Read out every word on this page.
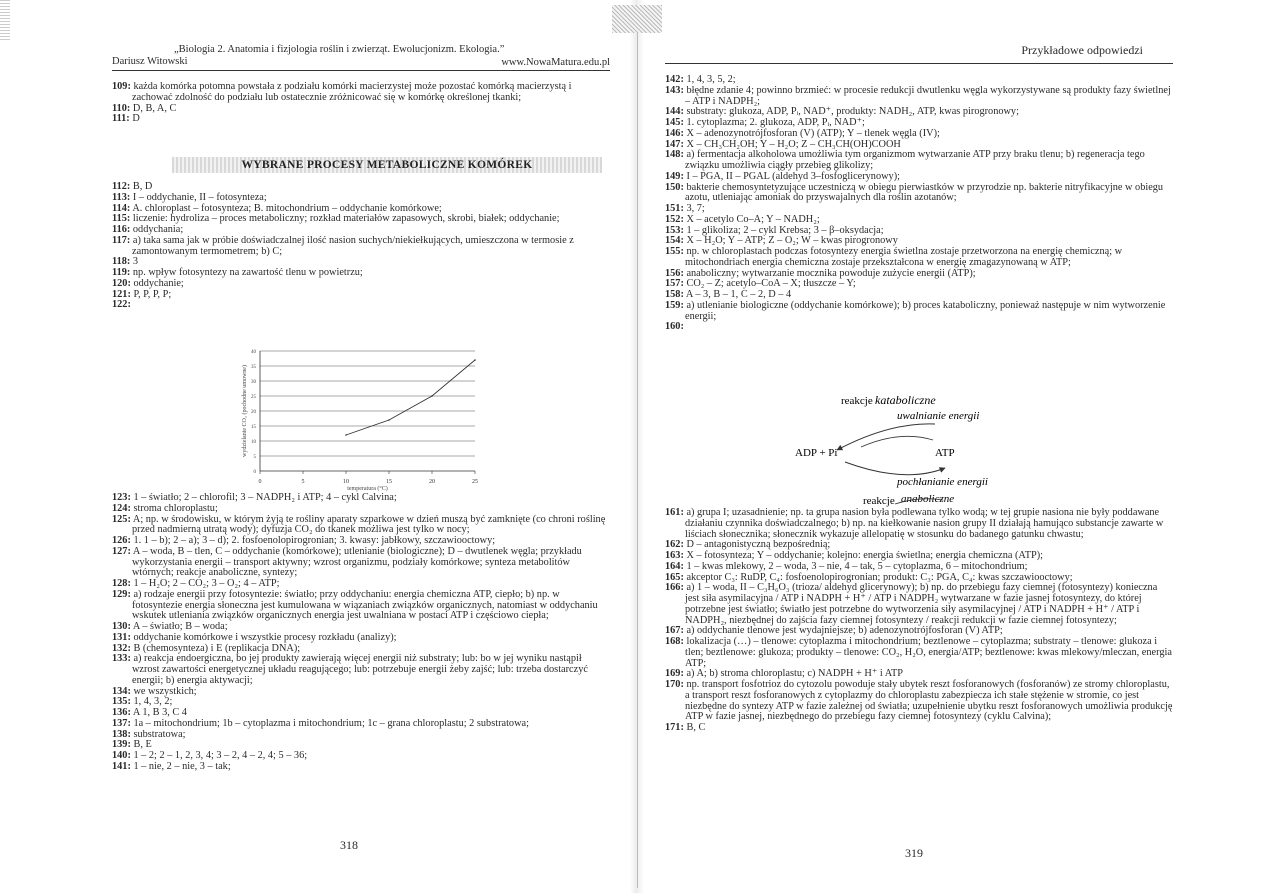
„Biologia 2. Anatomia i fizjologia roślin i zwierząt. Ewolucjonizm. Ekologia.”
Dariusz Witowski	www.NowaMatura.edu.pl

109: każda komórka potomna powstała z podziału komórki macierzystej może pozostać komórką macierzystą i zachować zdolność do podziału lub ostatecznie zróżnicować się w komórkę określonej tkanki;

110: D, B, A, C

111: D

WYBRANE PROCESY METABOLICZNE KOMÓREK

112: B, D

113: I – oddychanie, II – fotosynteza;

114: A. chloroplast – fotosynteza; B. mitochondrium – oddychanie komórkowe;

115: liczenie: hydroliza – proces metaboliczny; rozkład materiałów zapasowych, skrobi, białek; oddychanie;

116: oddychania;

117: a) taka sama jak w próbie doświadczalnej ilość nasion suchych/niekiełkujących, umieszczona w termosie z zamontowanym termometrem; b) C;

118: 3

119: np. wpływ fotosyntezy na zawartość tlenu w powietrzu;

120: oddychanie;

121: P, P, P, P;

122:

0
5
10
15
20
25
30
35
40
0	5	10	15	20	25
wydzielanie CO₂ (pochodne umowne)
temperatura (°C)

123: 1 – światło; 2 – chlorofil; 3 – NADPH₂ i ATP; 4 – cykl Calvina;

124: stroma chloroplastu;

125: A; np. w środowisku, w którym żyją te rośliny aparaty szparkowe w dzień muszą być zamknięte (co chroni roślinę przed nadmierną utratą wody); dyfuzja CO₂ do tkanek możliwa jest tylko w nocy;

126: 1. 1 – b); 2 – a); 3 – d); 2. fosfoenolopirogronian; 3. kwasy: jabłkowy, szczawiooctowy;

127: A – woda, B – tlen, C – oddychanie (komórkowe); utlenianie (biologiczne); D – dwutlenek węgla; przykładu wykorzystania energii – transport aktywny; wzrost organizmu, podziały komórkowe; synteza metabolitów wtórnych; reakcje anaboliczne, syntezy;

128: 1 – H₂O; 2 – CO₂; 3 – O₂; 4 – ATP;

129: a) rodzaje energii przy fotosyntezie: światło; przy oddychaniu: energia chemiczna ATP, ciepło; b) np. w fotosyntezie energia słoneczna jest kumulowana w wiązaniach związków organicznych, natomiast w oddychaniu wskutek utleniania związków organicznych energia jest uwalniana w postaci ATP i częściowo ciepła;

130: A – światło; B – woda;

131: oddychanie komórkowe i wszystkie procesy rozkładu (analizy);

132: B (chemosynteza) i E (replikacja DNA);

133: a) reakcja endoergiczna, bo jej produkty zawierają więcej energii niż substraty; lub: bo w jej wyniku nastąpił wzrost zawartości energetycznej układu reagującego; lub: potrzebuje energii żeby zajść; lub: trzeba dostarczyć energii; b) energia aktywacji;

134: we wszystkich;

135: 1, 4, 3, 2;

136: A 1, B 3, C 4

137: 1a – mitochondrium; 1b – cytoplazma i mitochondrium; 1c – grana chloroplastu; 2 substratowa;

138: substratowa;

139: B, E

140: 1 – 2; 2 – 1, 2, 3, 4; 3 – 2, 4 – 2, 4; 5 – 36;

141: 1 – nie, 2 – nie, 3 – tak;

318
Przykładowe odpowiedzi

142: 1, 4, 3, 5, 2;

143: błędne zdanie 4; powinno brzmieć: w procesie redukcji dwutlenku węgla wykorzystywane są produkty fazy świetlnej – ATP i NADPH₂;

144: substraty: glukoza, ADP, Pᵢ, NAD⁺, produkty: NADH₂, ATP, kwas pirogronowy;

145: 1. cytoplazma; 2. glukoza, ADP, Pᵢ, NAD⁺;

146: X – adenozynotrójfosforan (V) (ATP); Y – tlenek węgla (IV);

147: X – CH₃CH₂OH; Y – H₂O; Z – CH₃CH(OH)COOH

148: a) fermentacja alkoholowa umożliwia tym organizmom wytwarzanie ATP przy braku tlenu; b) regeneracja tego związku umożliwia ciągły przebieg glikolizy;

149: I – PGA, II – PGAL (aldehyd 3–fosfoglicerynowy);

150: bakterie chemosyntetyzujące uczestniczą w obiegu pierwiastków w przyrodzie np. bakterie nitryfikacyjne w obiegu azotu, utleniając amoniak do przyswajalnych dla roślin azotanów;

151: 3, 7;

152: X – acetylo Co–A; Y – NADH₂;

153: 1 – glikoliza; 2 – cykl Krebsa; 3 – β–oksydacja;

154: X – H₂O; Y – ATP; Z – O₂; W – kwas pirogronowy

155: np. w chloroplastach podczas fotosyntezy energia świetlna zostaje przetworzona na energię chemiczną; w mitochondriach energia chemiczna zostaje przekształcona w energię zmagazynowaną w ATP;

156: anaboliczny; wytwarzanie mocznika powoduje zużycie energii (ATP);

157: CO₂ – Z; acetylo–CoA – X; tłuszcze – Y;

158: A – 3, B – 1, C – 2, D – 4

159: a) utlenianie biologiczne (oddychanie komórkowe); b) proces kataboliczny, ponieważ następuje w nim wytworzenie energii;

160:

reakcje kataboliczne
uwalnianie energii
ADP + Pi	ATP
pochłanianie energii
reakcje anaboliczne

161: a) grupa I; uzasadnienie; np. ta grupa nasion była podlewana tylko wodą; w tej grupie nasiona nie były poddawane działaniu czynnika doświadczalnego; b) np. na kiełkowanie nasion grupy II działają hamująco substancje zawarte w liściach słonecznika; słonecznik wykazuje allelopatię w stosunku do badanego gatunku chwastu;

162: D – antagonistyczną bezpośrednią;

163: X – fotosynteza; Y – oddychanie; kolejno: energia świetlna; energia chemiczna (ATP);

164: 1 – kwas mlekowy, 2 – woda, 3 – nie, 4 – tak, 5 – cytoplazma, 6 – mitochondrium;

165: akceptor C₃: RuDP, C₄: fosfoenolopirogronian; produkt: C₃: PGA, C₄: kwas szczawiooctowy;

166: a) 1 – woda, II – C₃H₆O₃ (trioza/ aldehyd glicerynowy); b) np. do przebiegu fazy ciemnej (fotosyntezy) konieczna jest siła asymilacyjna / ATP i NADPH + H⁺ / ATP i NADPH₂ wytwarzane w fazie jasnej fotosyntezy, do której potrzebne jest światło; światło jest potrzebne do wytworzenia siły asymilacyjnej / ATP i NADPH + H⁺ / ATP i NADPH₂, niezbędnej do zajścia fazy ciemnej fotosyntezy / reakcji redukcji w fazie ciemnej fotosyntezy;

167: a) oddychanie tlenowe jest wydajniejsze; b) adenozynotrójfosforan (V) ATP;

168: lokalizacja (…) – tlenowe: cytoplazma i mitochondrium; beztlenowe – cytoplazma; substraty – tlenowe: glukoza i tlen; beztlenowe: glukoza; produkty – tlenowe: CO₂, H₂O, energia/ATP; beztlenowe: kwas mlekowy/mleczan, energia ATP;

169: a) A; b) stroma chloroplastu; c) NADPH + H⁺ i ATP

170: np. transport fosfotrioz do cytozolu powoduje stały ubytek reszt fosforanowych (fosforanów) ze stromy chloroplastu, a transport reszt fosforanowych z cytoplazmy do chloroplastu zabezpiecza ich stałe stężenie w stromie, co jest niezbędne do syntezy ATP w fazie zależnej od światła; uzupełnienie ubytku reszt fosforanowych umożliwia produkcję ATP w fazie jasnej, niezbędnego do przebiegu fazy ciemnej fotosyntezy (cyklu Calvina);

171: B, C

319
